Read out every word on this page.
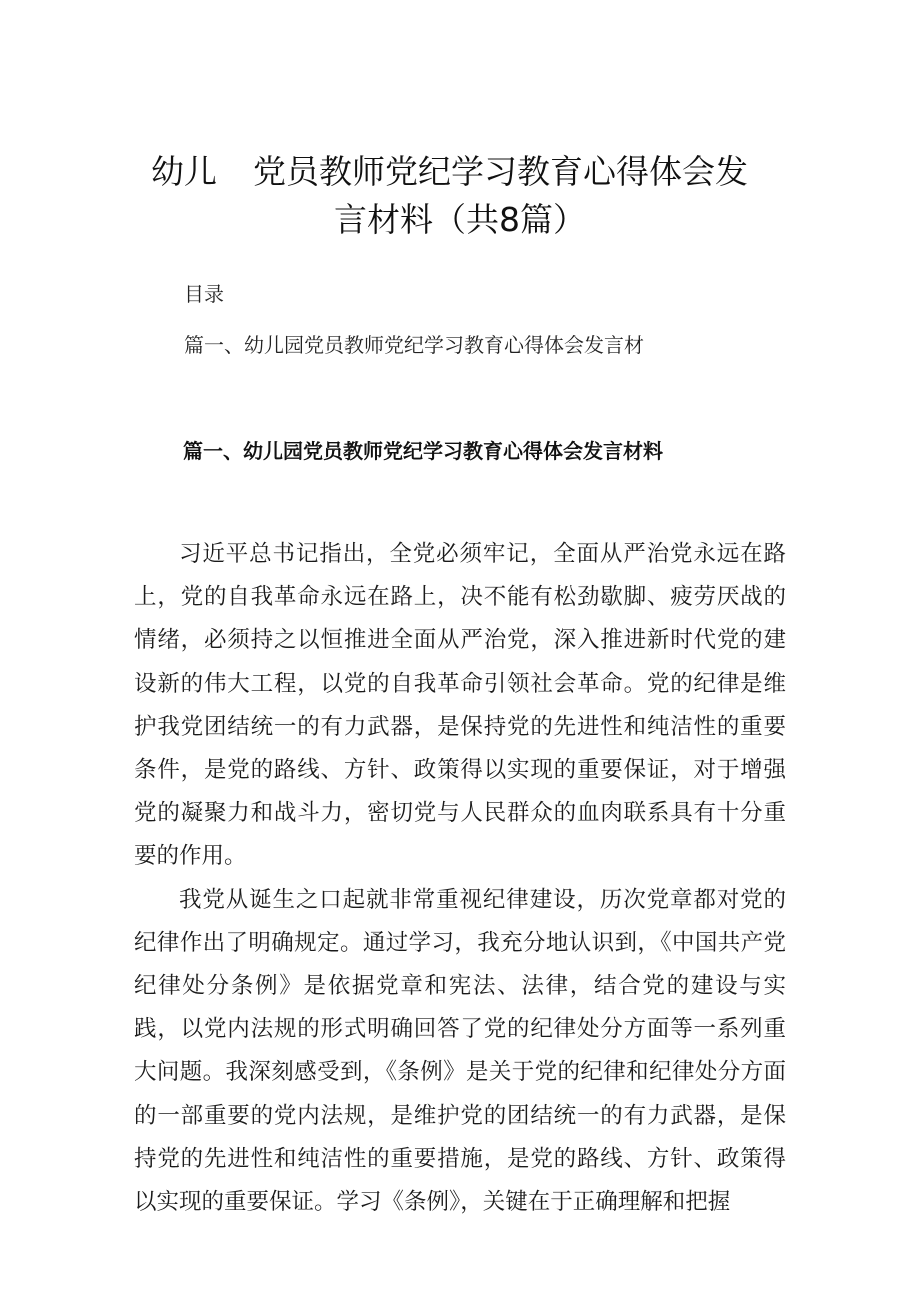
幼儿 党员教师党纪学习教育心得体会发
言材料（共8篇）
目录
篇一、幼儿园党员教师党纪学习教育心得体会发言材
篇一、幼儿园党员教师党纪学习教育心得体会发言材料

习近平总书记指出，全党必须牢记，全面从严治党永远在路上，党的自我革命永远在路上，决不能有松劲歇脚、疲劳厌战的情绪，必须持之以恒推进全面从严治党，深入推进新时代党的建设新的伟大工程，以党的自我革命引领社会革命。党的纪律是维护我党团结统一的有力武器，是保持党的先进性和纯洁性的重要条件，是党的路线、方针、政策得以实现的重要保证，对于增强党的凝聚力和战斗力，密切党与人民群众的血肉联系具有十分重要的作用。

我党从诞生之口起就非常重视纪律建设，历次党章都对党的纪律作出了明确规定。通过学习，我充分地认识到，《中国共产党纪律处分条例》是依据党章和宪法、法律，结合党的建设与实践，以党内法规的形式明确回答了党的纪律处分方面等一系列重大问题。我深刻感受到，《条例》是关于党的纪律和纪律处分方面的一部重要的党内法规，是维护党的团结统一的有力武器，是保持党的先进性和纯洁性的重要措施，是党的路线、方针、政策得以实现的重要保证。学习《条例》，关键在于正确理解和把握
